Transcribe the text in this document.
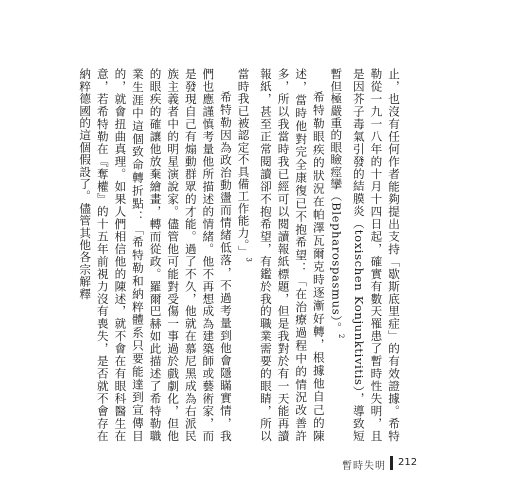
止，也沒有任何作者能夠提出支持「歇斯底里症」的有效證據。希特勒從一九一八年的十月十四日起，確實有數天罹患了暫時性失明，且是因芥子毒氣引發的結膜炎（toxischen Konjunktivitis），導致短暫但極嚴重的眼瞼痙攣（Blepharospasmus）。$^2$

希特勒眼疾的狀況在帕澤瓦爾克時逐漸好轉，根據他自己的陳述，當時他對完全康復已不抱希望：「在治療過程中的情況改善許多，所以我當時我已經可以閱讀報紙標題，但是我對於有一天能再讀報紙，甚至正常閱讀卻不抱希望，有鑑於我的職業需要的眼睛，所以當時我已被認定不具備工作能力。」$^3$

希特勒因為政治動盪而情緒低落，不過考量到他會隱瞞實情，我們也應謹慎考量他所描述的情緒。他不再想成為建築師或藝術家，而是發現自己有煽動群眾的才能。過了不久，他就在慕尼黑成為右派民族主義者中的明星演說家。儘管他可能對受傷一事過於戲劇化，但他的眼疾的確讓他放棄繪畫，轉而從政。羅爾巴赫如此描述了希特勒職業生涯中這個致命轉折點：「希特勒和納粹體系只要能達到宣傳目的，就會扭曲真理。如果人們相信他的陳述，就不會在有眼科醫生在意，若希特勒在『奪權』的十五年前視力沒有喪失，是否就不會存在納粹德國的這個假設了。儘管其他各宗解釋

暫時失明 212
